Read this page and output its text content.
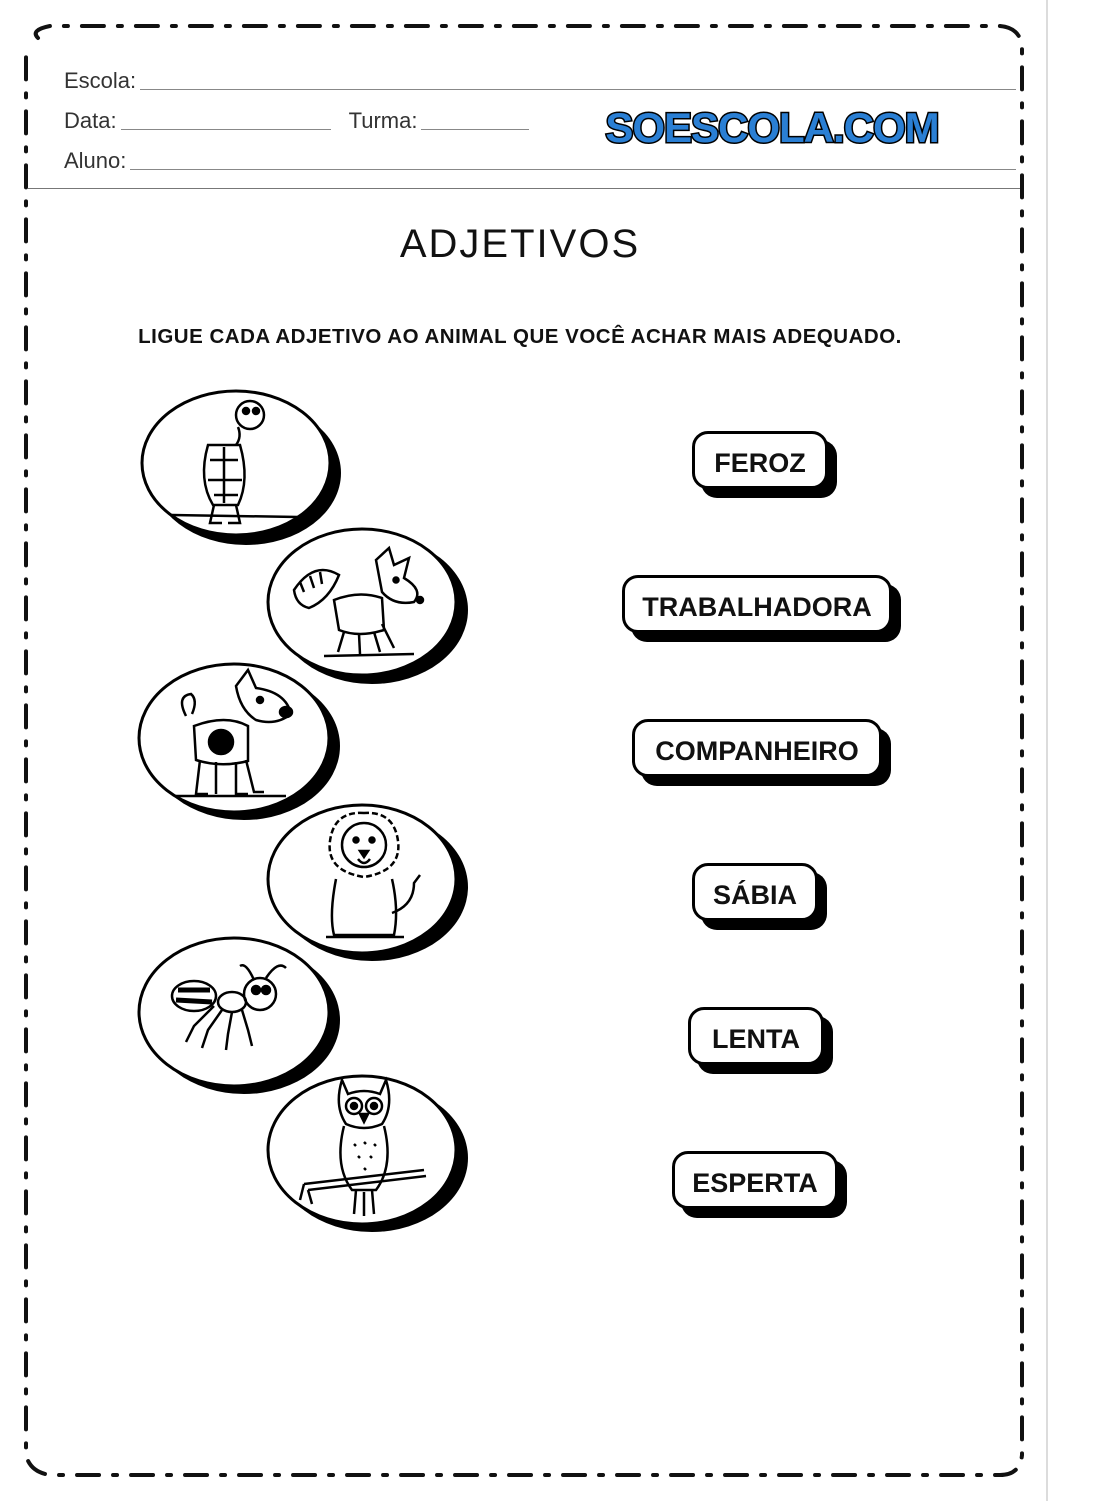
Escola:
Data:	Turma:
Aluno:
SOESCOLA.COM
ADJETIVOS
LIGUE CADA ADJETIVO AO ANIMAL QUE VOCÊ ACHAR MAIS ADEQUADO.
FEROZ
TRABALHADORA
COMPANHEIRO
SÁBIA
LENTA
ESPERTA
